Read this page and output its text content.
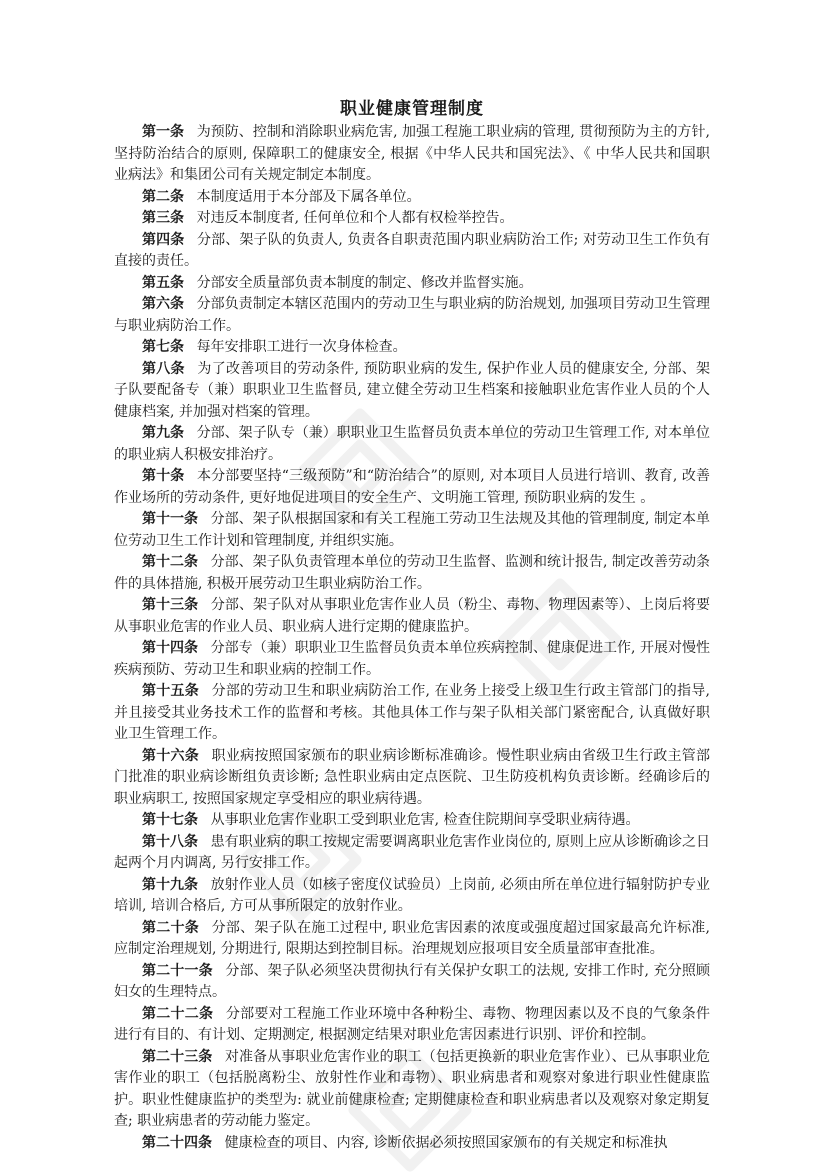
职业健康管理制度

第一条 为预防、控制和消除职业病危害, 加强工程施工职业病的管理, 贯彻预防为主的方针, 坚持防治结合的原则, 保障职工的健康安全, 根据《中华人民共和国宪法》、《 中华人民共和国职业病法》和集团公司有关规定制定本制度。

第二条 本制度适用于本分部及下属各单位。

第三条 对违反本制度者, 任何单位和个人都有权检举控告。

第四条 分部、架子队的负责人, 负责各自职责范围内职业病防治工作; 对劳动卫生工作负有直接的责任。

第五条 分部安全质量部负责本制度的制定、修改并监督实施。

第六条 分部负责制定本辖区范围内的劳动卫生与职业病的防治规划, 加强项目劳动卫生管理与职业病防治工作。

第七条 每年安排职工进行一次身体检查。

第八条 为了改善项目的劳动条件, 预防职业病的发生, 保护作业人员的健康安全, 分部、架子队要配备专（兼）职职业卫生监督员, 建立健全劳动卫生档案和接触职业危害作业人员的个人健康档案, 并加强对档案的管理。

第九条 分部、架子队专（兼）职职业卫生监督员负责本单位的劳动卫生管理工作, 对本单位的职业病人积极安排治疗。

第十条 本分部要坚持“三级预防”和“防治结合”的原则, 对本项目人员进行培训、教育, 改善作业场所的劳动条件, 更好地促进项目的安全生产、文明施工管理, 预防职业病的发生 。

第十一条 分部、架子队根据国家和有关工程施工劳动卫生法规及其他的管理制度, 制定本单位劳动卫生工作计划和管理制度, 并组织实施。

第十二条 分部、架子队负责管理本单位的劳动卫生监督、监测和统计报告, 制定改善劳动条件的具体措施, 积极开展劳动卫生职业病防治工作。

第十三条 分部、架子队对从事职业危害作业人员（粉尘、毒物、物理因素等）、上岗后将要从事职业危害的作业人员、职业病人进行定期的健康监护。

第十四条 分部专（兼）职职业卫生监督员负责本单位疾病控制、健康促进工作, 开展对慢性疾病预防、劳动卫生和职业病的控制工作。

第十五条 分部的劳动卫生和职业病防治工作, 在业务上接受上级卫生行政主管部门的指导, 并且接受其业务技术工作的监督和考核。其他具体工作与架子队相关部门紧密配合, 认真做好职业卫生管理工作。

第十六条 职业病按照国家颁布的职业病诊断标准确诊。慢性职业病由省级卫生行政主管部门批准的职业病诊断组负责诊断; 急性职业病由定点医院、卫生防疫机构负责诊断。经确诊后的职业病职工, 按照国家规定享受相应的职业病待遇。

第十七条 从事职业危害作业职工受到职业危害, 检查住院期间享受职业病待遇。

第十八条 患有职业病的职工按规定需要调离职业危害作业岗位的, 原则上应从诊断确诊之日起两个月内调离, 另行安排工作。

第十九条 放射作业人员（如核子密度仪试验员）上岗前, 必须由所在单位进行辐射防护专业培训, 培训合格后, 方可从事所限定的放射作业。

第二十条 分部、架子队在施工过程中, 职业危害因素的浓度或强度超过国家最高允许标准, 应制定治理规划, 分期进行, 限期达到控制目标。治理规划应报项目安全质量部审查批准。

第二十一条 分部、架子队必须坚决贯彻执行有关保护女职工的法规, 安排工作时, 充分照顾妇女的生理特点。

第二十二条 分部要对工程施工作业环境中各种粉尘、毒物、物理因素以及不良的气象条件进行有目的、有计划、定期测定, 根据测定结果对职业危害因素进行识别、评价和控制。

第二十三条 对准备从事职业危害作业的职工（包括更换新的职业危害作业）、已从事职业危害作业的职工（包括脱离粉尘、放射性作业和毒物）、职业病患者和观察对象进行职业性健康监护。职业性健康监护的类型为: 就业前健康检查; 定期健康检查和职业病患者以及观察对象定期复查; 职业病患者的劳动能力鉴定。

第二十四条 健康检查的项目、内容, 诊断依据必须按照国家颁布的有关规定和标准执
